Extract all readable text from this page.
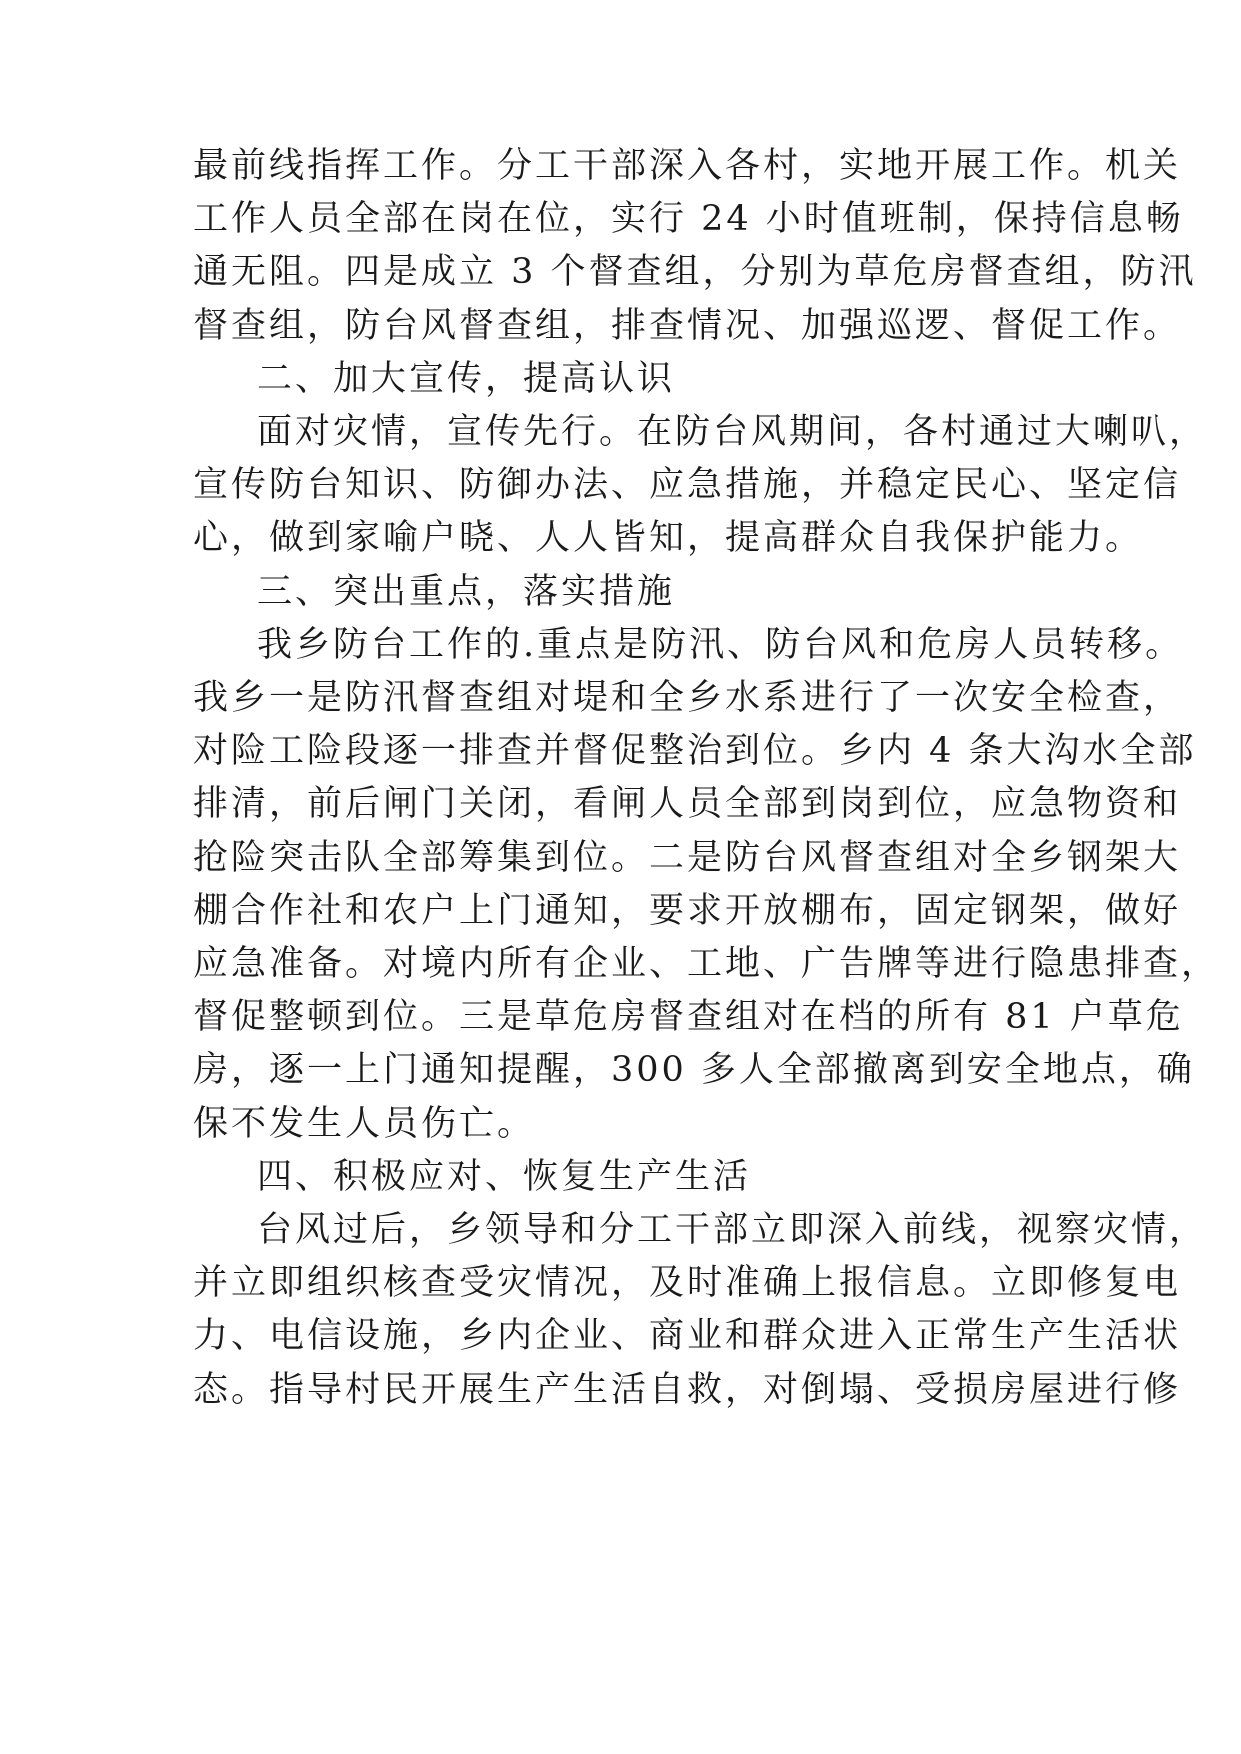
最前线指挥工作。分工干部深入各村，实地开展工作。机关
工作人员全部在岗在位，实行 24 小时值班制，保持信息畅
通无阻。四是成立 3 个督查组，分别为草危房督查组，防汛
督查组，防台风督查组，排查情况、加强巡逻、督促工作。
二、加大宣传，提高认识
面对灾情，宣传先行。在防台风期间，各村通过大喇叭，
宣传防台知识、防御办法、应急措施，并稳定民心、坚定信
心，做到家喻户晓、人人皆知，提高群众自我保护能力。
三、突出重点，落实措施
我乡防台工作的.重点是防汛、防台风和危房人员转移。
我乡一是防汛督查组对堤和全乡水系进行了一次安全检查，
对险工险段逐一排查并督促整治到位。乡内 4 条大沟水全部
排清，前后闸门关闭，看闸人员全部到岗到位，应急物资和
抢险突击队全部筹集到位。二是防台风督查组对全乡钢架大
棚合作社和农户上门通知，要求开放棚布，固定钢架，做好
应急准备。对境内所有企业、工地、广告牌等进行隐患排查，
督促整顿到位。三是草危房督查组对在档的所有 81 户草危
房，逐一上门通知提醒，300 多人全部撤离到安全地点，确
保不发生人员伤亡。
四、积极应对、恢复生产生活
台风过后，乡领导和分工干部立即深入前线，视察灾情，
并立即组织核查受灾情况，及时准确上报信息。立即修复电
力、电信设施，乡内企业、商业和群众进入正常生产生活状
态。指导村民开展生产生活自救，对倒塌、受损房屋进行修
